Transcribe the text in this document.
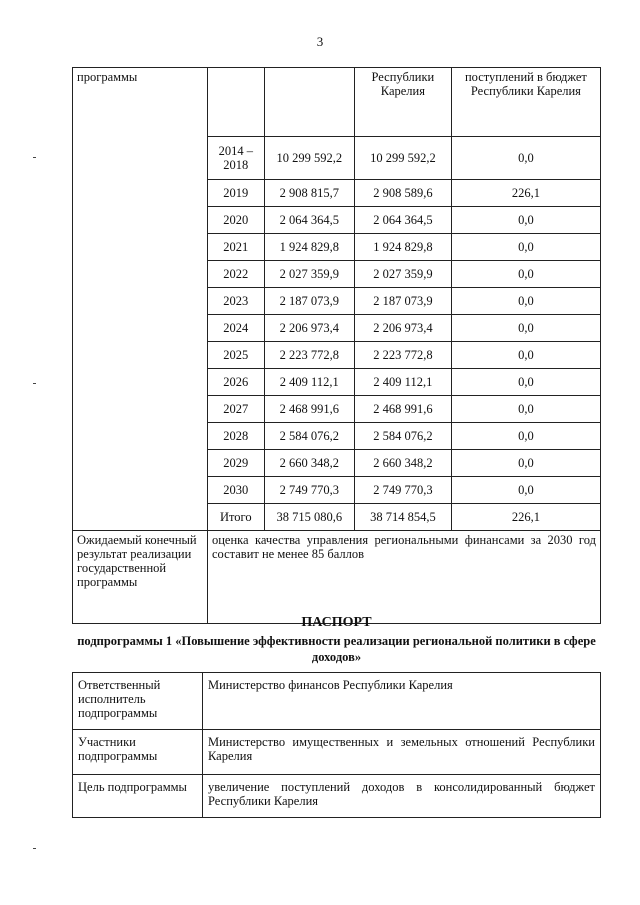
3
программы			Республики Карелия	поступлений в бюджет Республики Карелия
	2014 – 2018	10 299 592,2	10 299 592,2	0,0
	2019	2 908 815,7	2 908 589,6	226,1
	2020	2 064 364,5	2 064 364,5	0,0
	2021	1 924 829,8	1 924 829,8	0,0
	2022	2 027 359,9	2 027 359,9	0,0
	2023	2 187 073,9	2 187 073,9	0,0
	2024	2 206 973,4	2 206 973,4	0,0
	2025	2 223 772,8	2 223 772,8	0,0
	2026	2 409 112,1	2 409 112,1	0,0
	2027	2 468 991,6	2 468 991,6	0,0
	2028	2 584 076,2	2 584 076,2	0,0
	2029	2 660 348,2	2 660 348,2	0,0
	2030	2 749 770,3	2 749 770,3	0,0
	Итого	38 715 080,6	38 714 854,5	226,1
Ожидаемый конечный результат реализации государственной программы	оценка качества управления региональными финансами за 2030 год составит не менее 85 баллов			
ПАСПОРТ
подпрограммы 1 «Повышение эффективности реализации региональной политики в сфере доходов»
Ответственный исполнитель подпрограммы	Министерство финансов Республики Карелия
Участники подпрограммы	Министерство имущественных и земельных отношений Республики Карелия
Цель подпрограммы	увеличение поступлений доходов в консолидированный бюджет Республики Карелия
